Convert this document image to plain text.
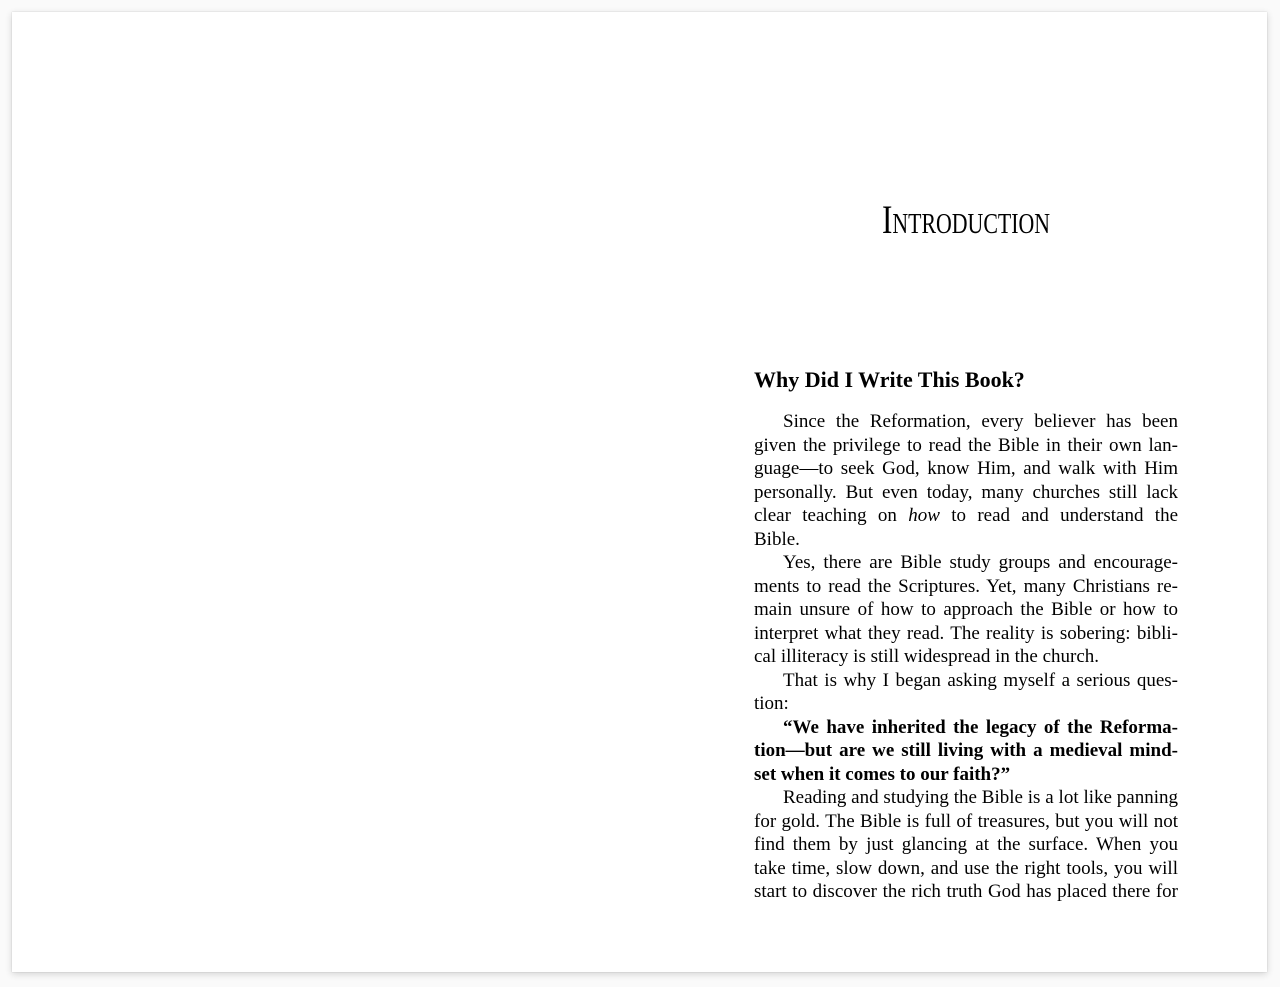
Introduction
Why Did I Write This Book?
Since the Reformation, every believer has been
given the privilege to read the Bible in their own lan-
guage—to seek God, know Him, and walk with Him
personally. But even today, many churches still lack
clear teaching on how to read and understand the
Bible.
Yes, there are Bible study groups and encourage-
ments to read the Scriptures. Yet, many Christians re-
main unsure of how to approach the Bible or how to
interpret what they read. The reality is sobering: bibli-
cal illiteracy is still widespread in the church.
That is why I began asking myself a serious ques-
tion:
“We have inherited the legacy of the Reforma-
tion—but are we still living with a medieval mind-
set when it comes to our faith?”
Reading and studying the Bible is a lot like panning
for gold. The Bible is full of treasures, but you will not
find them by just glancing at the surface. When you
take time, slow down, and use the right tools, you will
start to discover the rich truth God has placed there for
